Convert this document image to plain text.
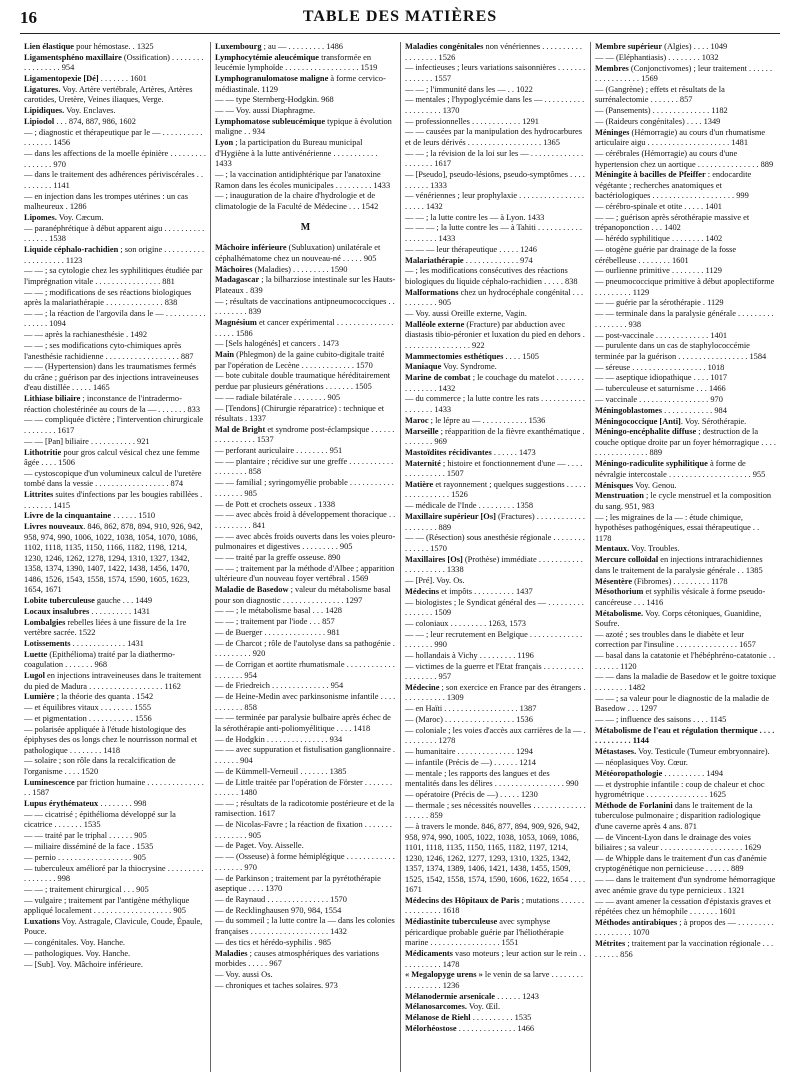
16	TABLE DES MATIÈRES
Lien élastique pour hémostase. . 1325
Ligamentsphéno maxillaire (Ossification) . . . . . . . . . . . . . . . . . 954
Ligamentopexie [Dé] . . . . . . . 1601
Ligatures. Voy. Artère vertébrale, Artères, Artères carotides, Uretère, Veines iliaques, Verge.
Lipidiques. Voy. Enclaves.
Lipiodol . . . 874, 887, 986, 1602
— ; diagnostic et thérapeutique par le — . . . . . . . . . . . . . . . . . 1456
— dans les affections de la moelle épinière . . . . . . . . . . . . . . . . 970
— dans le traitement des adhérences périviscérales . . . . . . . . . 1141
— en injection dans les trompes utérines : un cas malheureux . 1286
Lipomes. Voy. Cæcum.
— paranéphrétique à début apparent aigu . . . . . . . . . . . . . . . . 1538
Liquide céphalo-rachidien ; son origine . . . . . . . . . . . . . . . . . . . . 1123
— — ; sa cytologie chez les syphilitiques étudiée par l'imprégnation vitale . . . . . . . . . . . . . . . . 881
— — ; modifications de ses réactions biologiques après la malariathérapie . . . . . . . . . . . . . . 838
— — ; la réaction de l'argovila dans le — . . . . . . . . . . . . . . . . 1094
— — après la rachianesthésie . 1492
— — ; ses modifications cyto-chimiques après l'anesthésie rachidienne . . . . . . . . . . . . . . . . . . 887
— — (Hypertension) dans les traumatismes fermés du crâne ; guérison par des injections intraveineuses d'eau distillée . . . . . 1465
Lithiase biliaire ; inconstance de l'intradermo-réaction cholestérinée au cours de la — . . . . . . . 833
— — compliquée d'ictère ; l'intervention chirurgicale . . . . . . . . 1617
— — [Pan] biliaire . . . . . . . . . . . 921
Lithotritie pour gros calcul vésical chez une femme âgée . . . . 1506
— cystoscopique d'un volumineux calcul de l'uretère tombé dans la vessie . . . . . . . . . . . . . . . . . . 874
Littrites suites d'infections par les bougies rabillées . . . . . . . . 1415
Livre de la cinquantaine . . . . . . 1510
Livres nouveaux. 846, 862, 878, 894, 910, 926, 942, 958, 974, 990, 1006, 1022, 1038, 1054, 1070, 1086, 1102, 1118, 1135, 1150, 1166, 1182, 1198, 1214, 1230, 1246, 1262, 1278, 1294, 1310, 1327, 1342, 1358, 1374, 1390, 1407, 1422, 1438, 1456, 1470, 1486, 1526, 1543, 1558, 1574, 1590, 1605, 1623, 1654, 1671
Lobite tuberculeuse gauche . . . 1449
Locaux insalubres . . . . . . . . . . 1431
Lombalgies rebelles liées à une fissure de la 1re vertèbre sacrée. 1522
Lotissements . . . . . . . . . . . . . 1431
Luette (Epithélioma) traité par la diathermo-coagulation . . . . . . . 968
Lugol en injections intraveineuses dans le traitement du pied de Madura . . . . . . . . . . . . . . . . . . 1162
Lumière ; la théorie des quanta . 1542
— et équilibres vitaux . . . . . . . . 1555
— et pigmentation . . . . . . . . . . . 1556
— polarisée appliquée à l'étude histologique des épiphyses des os longs chez le nourrisson normal et pathologique . . . . . . . . 1418
— solaire ; son rôle dans la recalcification de l'organisme . . . . 1520
Luminescence par friction humaine . . . . . . . . . . . . . . . . 1587
Lupus érythémateux . . . . . . . . 998
— — cicatrisé ; épithélioma développé sur la cicatrice . . . . . . . 1535
— — traité par le triphal . . . . . . 905
— miliaire disséminé de la face . 1535
— pernio . . . . . . . . . . . . . . . . . . 905
— tuberculeux amélioré par la thiocrysine . . . . . . . . . . . . . . . . . 998
— — ; traitement chirurgical . . . 905
— vulgaire ; traitement par l'antigène méthylique appliqué localement . . . . . . . . . . . . . . . . . . . 905
Luxations Voy. Astragale, Clavicule, Coude, Épaule, Pouce.
— congénitales. Voy. Hanche.
— pathologiques. Voy. Hanche.
— [Sub]. Voy. Mâchoire inférieure.
Luxembourg ; au — . . . . . . . . . 1486
Lymphocytémie aleucémique transformée en leucémie lymphoïde . . . . . . . . . . . . . . . . . . 1519
Lymphogranulomatose maligne à forme cervico-médiastinale. 1129
— — type Sternberg-Hodgkin. 968
— — Voy. aussi Diaphragme.
Lymphomatose subleucémique typique à évolution maligne . . 934
Lyon ; la participation du Bureau municipal d'Hygiène à la lutte antivénérienne . . . . . . . . . . . 1433
— ; la vaccination antidiphtérique par l'anatoxine Ramon dans les écoles municipales . . . . . . . . . 1433
— ; inauguration de la chaire d'hydrologie et de climatologie de la Faculté de Médecine . . . 1542
M
Mâchoire inférieure (Subluxation) unilatérale et céphalhématome chez un nouveau-né . . . . . 905
Mâchoires (Maladies) . . . . . . . . . 1590
Madagascar ; la bilharziose intestinale sur les Hauts-Plateaux . 839
— ; résultats de vaccinations antipneumococciques . . . . . . . . . . 839
Magnésium et cancer expérimental . . . . . . . . . . . . . . . . . . . 1586
— [Sels halogénés] et cancers . 1473
Main (Phlegmon) de la gaine cubito-digitale traité par l'opération de Lecène . . . . . . . . . . . . . 1570
— bote cubitale double traumatique héréditairement perdue par plusieurs générations . . . . . . . 1505
— — radiale bilatérale . . . . . . . . 905
— [Tendons] (Chirurgie réparatrice) : technique et résultats . 1337
Mal de Bright et syndrome post-éclampsique . . . . . . . . . . . . . . . . 1537
— perforant auriculaire . . . . . . . . 951
— — plantaire ; récidive sur une greffe . . . . . . . . . . . . . . . . . . . 858
— — familial ; syringomyélie probable . . . . . . . . . . . . . . . . . . 985
— de Pott et crochets osseux . 1338
— — avec abcès froid à développement thoracique . . . . . . . . . . . 841
— — avec abcès froids ouverts dans les voies pleuro-pulmonaires et digestives . . . . . . . . . 905
— — traité par la greffe osseuse. 890
— — ; traitement par la méthode d'Albee ; apparition ultérieure d'un nouveau foyer vertébral . 1569
Maladie de Basedow ; valeur du métabolisme basal pour son diagnostic . . . . . . . . . . . . . . . 1297
— — ; le métabolisme basal . . . 1428
— — ; traitement par l'iode . . . 857
— de Buerger . . . . . . . . . . . . . . . 981
— de Charcot ; rôle de l'autolyse dans sa pathogénie . . . . . . . . . . 920
— de Corrigan et aortite rhumatismale . . . . . . . . . . . . . . . . . . . 954
— de Friedreich . . . . . . . . . . . . . . 954
— de Heine-Medin avec parkinsonisme infantile . . . . . . . . . . . 858
— — terminée par paralysie bulbaire après échec de la sérothérapie anti-poliomyélitique . . . . 1418
— de Hodgkin . . . . . . . . . . . . . . . 934
— — avec suppuration et fistulisation ganglionnaire . . . . . . . 904
— de Kümmell-Verneuil . . . . . . . 1385
— de Little traitée par l'opération de Förster . . . . . . . . . . . . . 1480
— — ; résultats de la radicotomie postérieure et de la ramisection. 1617
— de Nicolas-Favre ; la réaction de fixation . . . . . . . . . . . . . . . 905
— de Paget. Voy. Aisselle.
— — (Osseuse) à forme hémiplégique . . . . . . . . . . . . . . . . . . . 970
— de Parkinson ; traitement par la pyrétothérapie aseptique . . . . 1370
— de Raynaud . . . . . . . . . . . . . . . 1570
— de Recklinghausen 970, 984, 1554
— du sommeil ; la lutte contre la — dans les colonies françaises . . . . . . . . . . . . . . . . . . . 1432
— des tics et hérédo-syphilis . 985
Maladies ; causes atmosphériques des variations morbides . . . . . 967
— Voy. aussi Os.
— chroniques et taches solaires. 973
Maladies congénitales non vénériennes . . . . . . . . . . . . . . . . . . 1526
— infectieuses ; leurs variations saisonnières . . . . . . . . . . . . . . 1557
— — ; l'immunité dans les — . . 1022
— mentales ; l'hypoglycémie dans les — . . . . . . . . . . . . . . . . . . . 1370
— professionnelles . . . . . . . . . . . . 1291
— — causées par la manipulation des hydrocarbures et de leurs dérivés . . . . . . . . . . . . . . . . . . 1365
— — ; la révision de la loi sur les — . . . . . . . . . . . . . . . . . . . . 1617
— [Pseudo], pseudo-lésions, pseudo-symptômes . . . . . . . . . . 1333
— vénériennes ; leur prophylaxie . . . . . . . . . . . . . . . . . . . . . 1432
— — ; la lutte contre les — à Lyon. 1433
— — — ; la lutte contre les — à Tahiti . . . . . . . . . . . . . . . . . . . 1433
— — — leur thérapeutique . . . . . 1246
Malariathérapie . . . . . . . . . . . . . 974
— ; les modifications consécutives des réactions biologiques du liquide céphalo-rachidien . . . . . 838
Malformations chez un hydrocéphale congénital . . . . . . . . . . . 905
— Voy. aussi Oreille externe, Vagin.
Malléole externe (Fracture) par abduction avec diastasis tibio-péronier et luxation du pied en dehors . . . . . . . . . . . . . . . . . 922
Mammectomies esthétiques . . . . 1505
Maniaque Voy. Syndrome.
Marine de combat ; le couchage du matelot . . . . . . . . . . . . . . . 1432
— du commerce ; la lutte contre les rats . . . . . . . . . . . . . . . . . . 1433
Maroc ; le lépre au — . . . . . . . . . . . 1536
Marseille ; réapparition de la fièvre exanthématique . . . . . . . . 969
Mastoïdites récidivantes . . . . . . 1473
Maternité ; histoire et fonctionnement d'une — . . . . . . . . . . . . . . 1507
Matière et rayonnement ; quelques suggestions . . . . . . . . . . . . . . . . 1526
— médicale de l'Inde . . . . . . . . . 1358
Maxillaire supérieur [Os] (Fractures) . . . . . . . . . . . . . . . . . . . . 889
— — (Résection) sous anesthésie régionale . . . . . . . . . . . . . . 1570
Maxillaires [Os] (Prothèse) immédiate . . . . . . . . . . . . . . . . . . . . . 1338
— [Pré]. Voy. Os.
Médecins et impôts . . . . . . . . . . 1437
— biologistes ; le Syndicat général des — . . . . . . . . . . . . . . . . 1509
— coloniaux . . . . . . . . . 1263, 1573
— — ; leur recrutement en Belgique . . . . . . . . . . . . . . . . . . . . 990
— hollandais à Vichy . . . . . . . . . 1196
— victimes de la guerre et l'Etat français . . . . . . . . . . . . . . . . . . 957
Médecine ; son exercice en France par des étrangers . . . . . . . . . . . 1309
— en Haïti . . . . . . . . . . . . . . . . . . 1387
— (Maroc) . . . . . . . . . . . . . . . . . 1536
— coloniale ; les voies d'accès aux carrières de la — . . . . . . . . . 1278
— humanitaire . . . . . . . . . . . . . . 1294
— infantile (Précis de —) . . . . . . 1214
— mentale ; les rapports des langues et des mentalités dans les délires . . . . . . . . . . . . . . . . . 990
— opératoire (Précis de —) . . . . . 1230
— thermale ; ses nécessités nouvelles . . . . . . . . . . . . . . . . . . . 859
— à travers le monde. 846, 877, 894, 909, 926, 942, 958, 974, 990, 1005, 1022, 1038, 1053, 1069, 1086, 1101, 1118, 1135, 1150, 1165, 1182, 1197, 1214, 1230, 1246, 1262, 1277, 1293, 1310, 1325, 1342, 1357, 1374, 1389, 1406, 1421, 1438, 1455, 1509, 1525, 1542, 1558, 1574, 1590, 1606, 1622, 1654 . . . . 1671
Médecins des Hôpitaux de Paris ; mutations . . . . . . . . . . . . . . . 1618
Médiastinite tuberculeuse avec symphyse péricardique probable guérie par l'héliothérapie marine . . . . . . . . . . . . . . . . . 1551
Médicaments vaso moteurs ; leur action sur le rein . . . . . . . . . . . 1478
« Megalopyge urens » le venin de sa larve . . . . . . . . . . . . . . . . . 1236
Mélanodermie arsenicale . . . . . . 1243
Mélanosarcomes. Voy. Œil.
Mélanose de Riehl . . . . . . . . . . 1535
Mélorhéostose . . . . . . . . . . . . . . 1466
Membre supérieur (Algies) . . . . 1049
— — (Eléphantiasis) . . . . . . . . 1032
Membres (Conjonctivomes) ; leur traitement . . . . . . . . . . . . . . . . . 1569
— (Gangrène) ; effets et résultats de la surrénalectomie . . . . . . . 857
— (Pansements) . . . . . . . . . . . . . . 1182
— (Raideurs congénitales) . . . . 1349
Méninges (Hémorragie) au cours d'un rhumatisme articulaire aigu . . . . . . . . . . . . . . . . . . . . 1481
— cérébrales (Hémorragie) au cours d'une hypertension chez un aortique . . . . . . . . . . . . . . . 889
Méningite à bacilles de Pfeiffer : endocardite végétante ; recherches anatomiques et bactériologiques . . . . . . . . . . . . . . . . . . . . 999
— cérébro-spinale et otite . . . . . 1401
— — ; guérison après sérothérapie massive et trépanoponction . . . 1402
— hérédo syphilitique . . . . . . . . 1402
— otogène guérie par drainage de la fosse cérébelleuse . . . . . . . . 1601
— ourlienne primitive . . . . . . . . 1129
— pneumococcique primitive à début apoplectiforme . . . . . . . . . 1129
— — guérie par la sérothérapie . 1129
— — terminale dans la paralysie générale . . . . . . . . . . . . . . . . . 938
— post-vaccinale . . . . . . . . . . . . . 1401
— purulente dans un cas de staphylococcémie terminée par la guérison . . . . . . . . . . . . . . . . . 1584
— séreuse . . . . . . . . . . . . . . . . . . 1018
— — aseptique idiopathique . . . . 1017
— tuberculeuse et saturnisme . . . 1466
— vaccinale . . . . . . . . . . . . . . . . . 970
Méningoblastomes . . . . . . . . . . . . 984
Méningococcique [Anti]. Voy. Sérothérapie.
Méningo-encéphalite diffuse ; destruction de la couche optique droite par un foyer hémorragique . . . . . . . . . . . . . . . . . 889
Méningo-radiculite syphilitique à forme de névralgie intercostale . . . . . . . . . . . . . . . . . . . . 955
Ménisques Voy. Genou.
Menstruation ; le cycle menstruel et la composition du sang. 951, 983
— ; les migraines de la — : étude chimique, hypothèses pathogéniques, essai thérapeutique . . 1178
Mentaux. Voy. Troubles.
Mercure colloïdal en injections intrarachidiennes dans le traitement de la paralysie générale . . 1385
Mésentère (Fibromes) . . . . . . . . . 1178
Mésothorium et syphilis vésicale à forme pseudo-cancéreuse . . . 1416
Métabolisme. Voy. Corps cétoniques, Guanidine, Soufre.
— azoté ; ses troubles dans le diabète et leur correction par l'insuline . . . . . . . . . . . . . . . 1657
— basal dans la catatonie et l'hébéphréno-catatonie . . . . . . . . 1120
— — dans la maladie de Basedow et le goitre toxique . . . . . . . . 1482
— — ; sa valeur pour le diagnostic de la maladie de Basedow . . . 1297
— — ; influence des saisons . . . . 1145
Métabolisme de l'eau et régulation thermique . . . . . . . . . . . . . 1144
Métastases. Voy. Testicule (Tumeur embryonnaire).
— néoplasiques Voy. Cœur.
Météoropathologie . . . . . . . . . . 1494
— et dystrophie infantile : coup de chaleur et choc hygrométrique . . . . . . . . . . . . . . . 1625
Méthode de Forlanini dans le traitement de la tuberculose pulmonaire ; disparition radiologique d'une caverne après 4 ans. 871
— de Vincent-Lyon dans le drainage des voies biliaires ; sa valeur . . . . . . . . . . . . . . . . . . . . 1629
— de Whipple dans le traitement d'un cas d'anémie cryptogénétique non pernicieuse . . . . . . 889
— — dans le traitement d'un syndrome hémorragique avec anémie grave du type pernicieux . 1321
— — avant amener la cessation d'épistaxis graves et répétées chez un hémophile . . . . . . . 1601
Méthodes antirabiques ; à propos des — . . . . . . . . . . . . . . . . . . 1070
Métrites ; traitement par la vaccination régionale . . . . . . . . . 856
